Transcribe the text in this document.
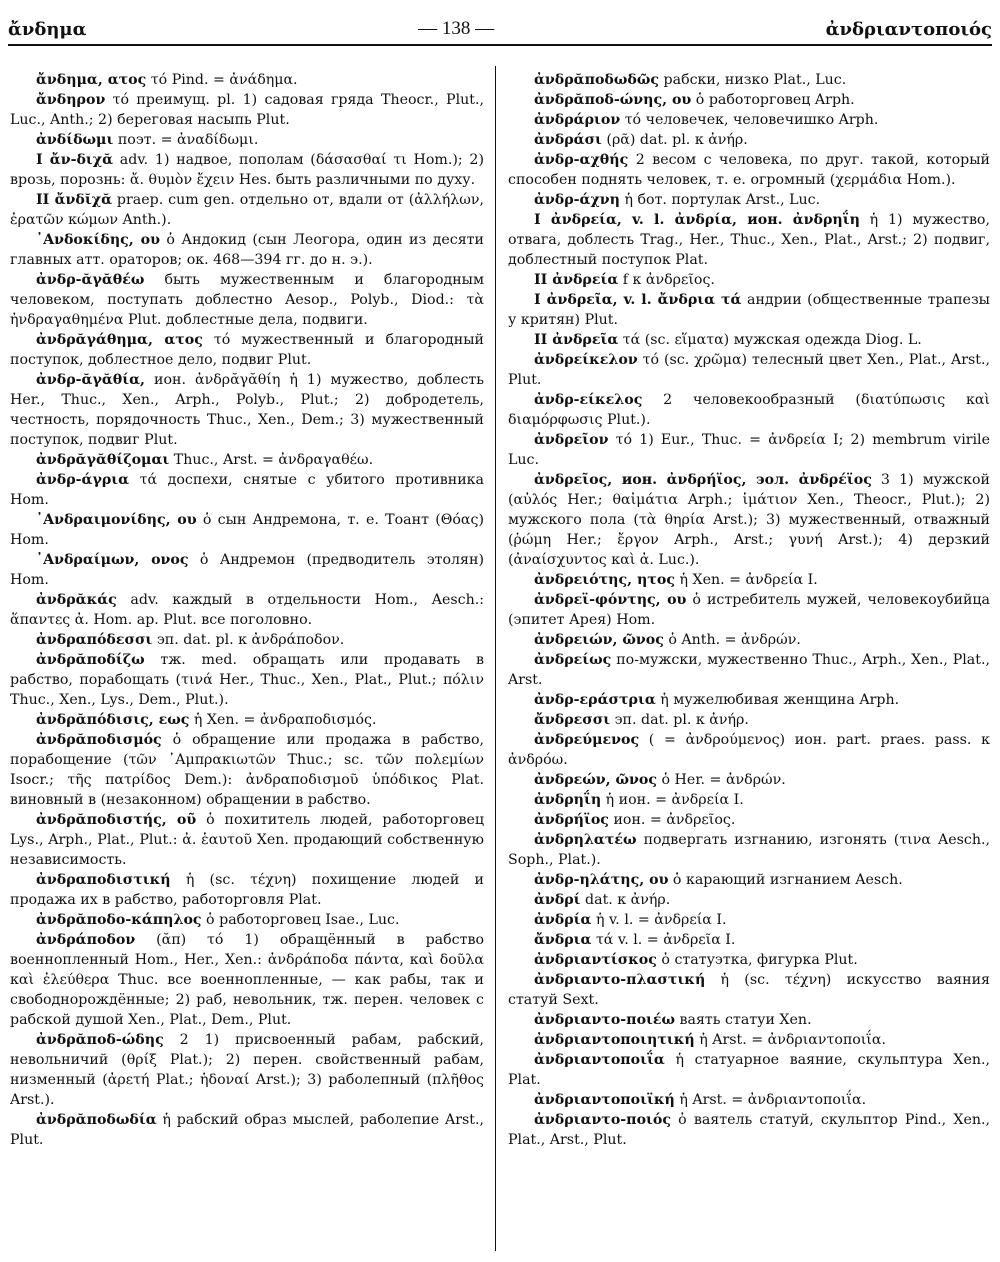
ἄνδημα	— 138 —	ἀνδριαντοποιός

ἄνδημα, ατος τό Pind. = ἀνάδημα.

ἄνδηρον τό преимущ. pl. 1) садовая гряда Theocr., Plut., Luc., Anth.; 2) береговая насыпь Plut.

ἀνδίδωμι поэт. = ἀναδίδωμι.

I ἄν-διχᾰ adv. 1) надвое, пополам (δάσασθαί τι Hom.); 2) врозь, порознь: ἄ. θυμὸν ἔχειν Hes. быть различными по духу.

II ἄνδῐχᾰ praep. cum gen. отдельно от, вдали от (ἀλλήλων, ἐρατῶν κώμων Anth.).

᾿Ανδοκίδης, ου ὁ Андокид (сын Леогора, один из десяти главных атт. ораторов; ок. 468—394 гг. до н. э.).

ἀνδρ-ᾰγᾰθέω быть мужественным и благородным человеком, поступать доблестно Aesop., Polyb., Diod.: τὰ ἠνδραγαθημένα Plut. доблестные дела, подвиги.

ἀνδρᾰγάθημα, ατος τό мужественный и благородный поступок, доблестное дело, подвиг Plut.

ἀνδρ-ᾰγᾰθία, ион. ἀνδρᾰγᾰθίη ἡ 1) мужество, доблесть Her., Thuc., Xen., Arph., Polyb., Plut.; 2) добродетель, честность, порядочность Thuc., Xen., Dem.; 3) мужественный поступок, подвиг Plut.

ἀνδρᾰγᾰθίζομαι Thuc., Arst. = ἀνδραγαθέω.

ἀνδρ-άγρια τά доспехи, снятые с убитого противника Hom.

᾿Ανδραιμονίδης, ου ὁ сын Андремона, т. е. Тоант (Θόας) Hom.

᾿Ανδραίμων, ονος ὁ Андремон (предводитель этолян) Hom.

ἀνδρᾰκάς adv. каждый в отдельности Hom., Aesch.: ἅπαντες ἀ. Hom. ap. Plut. все поголовно.

ἀνδραπόδεσσι эп. dat. pl. к ἀνδράποδον.

ἀνδρᾰποδίζω тж. med. обращать или продавать в рабство, порабощать (τινά Her., Thuc., Xen., Plat., Plut.; πόλιν Thuc., Xen., Lys., Dem., Plut.).

ἀνδρᾰπόδισις, εως ἡ Xen. = ἀνδραποδισμός.

ἀνδρᾰποδισμός ὁ обращение или продажа в рабство, порабощение (τῶν ᾿Αμπρακιωτῶν Thuc.; sc. τῶν πολεμίων Isocr.; τῆς πατρίδος Dem.): ἀνδραποδισμοῦ ὑπόδικος Plat. виновный в (незаконном) обращении в рабство.

ἀνδρᾰποδιστής, οῦ ὁ похититель людей, работорговец Lys., Arph., Plat., Plut.: ἀ. ἑαυτοῦ Xen. продающий собственную независимость.

ἀνδραποδιστική ἡ (sc. τέχνη) похищение людей и продажа их в рабство, работорговля Plat.

ἀνδρᾰποδο-κάπηλος ὁ работорговец Isae., Luc.

ἀνδράποδον (ᾰπ) τό 1) обращённый в рабство военнопленный Hom., Her., Xen.: ἀνδράποδα πάντα, καὶ δοῦλα καὶ ἐλεύθερα Thuc. все военнопленные, — как рабы, так и свободнорождённые; 2) раб, невольник, тж. перен. человек с рабской душой Xen., Plat., Dem., Plut.

ἀνδρᾰποδ-ώδης 2 1) присвоенный рабам, рабский, невольничий (θρίξ Plat.); 2) перен. свойственный рабам, низменный (ἀρετή Plat.; ἡδοναί Arst.); 3) раболепный (πλῆθος Arst.).

ἀνδρᾰποδωδία ἡ рабский образ мыслей, раболепие Arst., Plut.

ἀνδρᾰποδωδῶς рабски, низко Plat., Luc.

ἀνδρᾰποδ-ώνης, ου ὁ работорговец Arph.

ἀνδράριον τό человечек, человечишко Arph.

ἀνδράσι (ρᾶ) dat. pl. к ἀνήρ.

ἀνδρ-αχθής 2 весом с человека, по друг. такой, который способен поднять человек, т. е. огромный (χερμάδια Hom.).

ἀνδρ-άχνη ἡ бот. портулак Arst., Luc.

I ἀνδρεία, v. l. ἀνδρία, ион. ἀνδρηΐη ἡ 1) мужество, отвага, доблесть Trag., Her., Thuc., Xen., Plat., Arst.; 2) подвиг, доблестный поступок Plat.

II ἀνδρεία f к ἀνδρεῖος.

I ἀνδρεῖα, v. l. ἄνδρια τά андрии (общественные трапезы у критян) Plut.

II ἀνδρεῖα τά (sc. εἵματα) мужская одежда Diog. L.

ἀνδρείκελον τό (sc. χρῶμα) телесный цвет Xen., Plat., Arst., Plut.

ἀνδρ-είκελος 2 человекообразный (διατύπωσις καὶ διαμόρφωσις Plut.).

ἀνδρεῖον τό 1) Eur., Thuc. = ἀνδρεία I; 2) membrum virile Luc.

ἀνδρεῖος, ион. ἀνδρήϊος, эол. ἀνδρέϊος 3 1) мужской (αὐλός Her.; θαἰμάτια Arph.; ἱμάτιον Xen., Theocr., Plut.); 2) мужского пола (τὰ θηρία Arst.); 3) мужественный, отважный (ῥώμη Her.; ἔργον Arph., Arst.; γυνή Arst.); 4) дерзкий (ἀναίσχυντος καὶ ἀ. Luc.).

ἀνδρειότης, ητος ἡ Xen. = ἀνδρεία I.

ἀνδρεϊ-φόντης, ου ὁ истребитель мужей, человекоубийца (эпитет Арея) Hom.

ἀνδρειών, ῶνος ὁ Anth. = ἀνδρών.

ἀνδρείως по-мужски, мужественно Thuc., Arph., Xen., Plat., Arst.

ἀνδρ-εράστρια ἡ мужелюбивая женщина Arph.

ἄνδρεσσι эп. dat. pl. к ἀνήρ.

ἀνδρεύμενος ( = ἀνδρούμενος) ион. part. praes. pass. к ἀνδρόω.

ἀνδρεών, ῶνος ὁ Her. = ἀνδρών.

ἀνδρηΐη ἡ ион. = ἀνδρεία I.

ἀνδρήϊος ион. = ἀνδρεῖος.

ἀνδρηλατέω подвергать изгнанию, изгонять (τινα Aesch., Soph., Plat.).

ἀνδρ-ηλάτης, ου ὁ карающий изгнанием Aesch.

ἀνδρί dat. к ἀνήρ.

ἀνδρία ἡ v. l. = ἀνδρεία I.

ἄνδρια τά v. l. = ἀνδρεῖα I.

ἀνδριαντίσκος ὁ статуэтка, фигурка Plut.

ἀνδριαντο-πλαστική ἡ (sc. τέχνη) искусство ваяния статуй Sext.

ἀνδριαντο-ποιέω ваять статуи Xen.

ἀνδριαντοποιητική ἡ Arst. = ἀνδριαντοποιΐα.

ἀνδριαντοποιΐα ἡ статуарное ваяние, скульптура Xen., Plat.

ἀνδριαντοποιϊκή ἡ Arst. = ἀνδριαντοποιΐα.

ἀνδριαντο-ποιός ὁ ваятель статуй, скульптор Pind., Xen., Plat., Arst., Plut.
